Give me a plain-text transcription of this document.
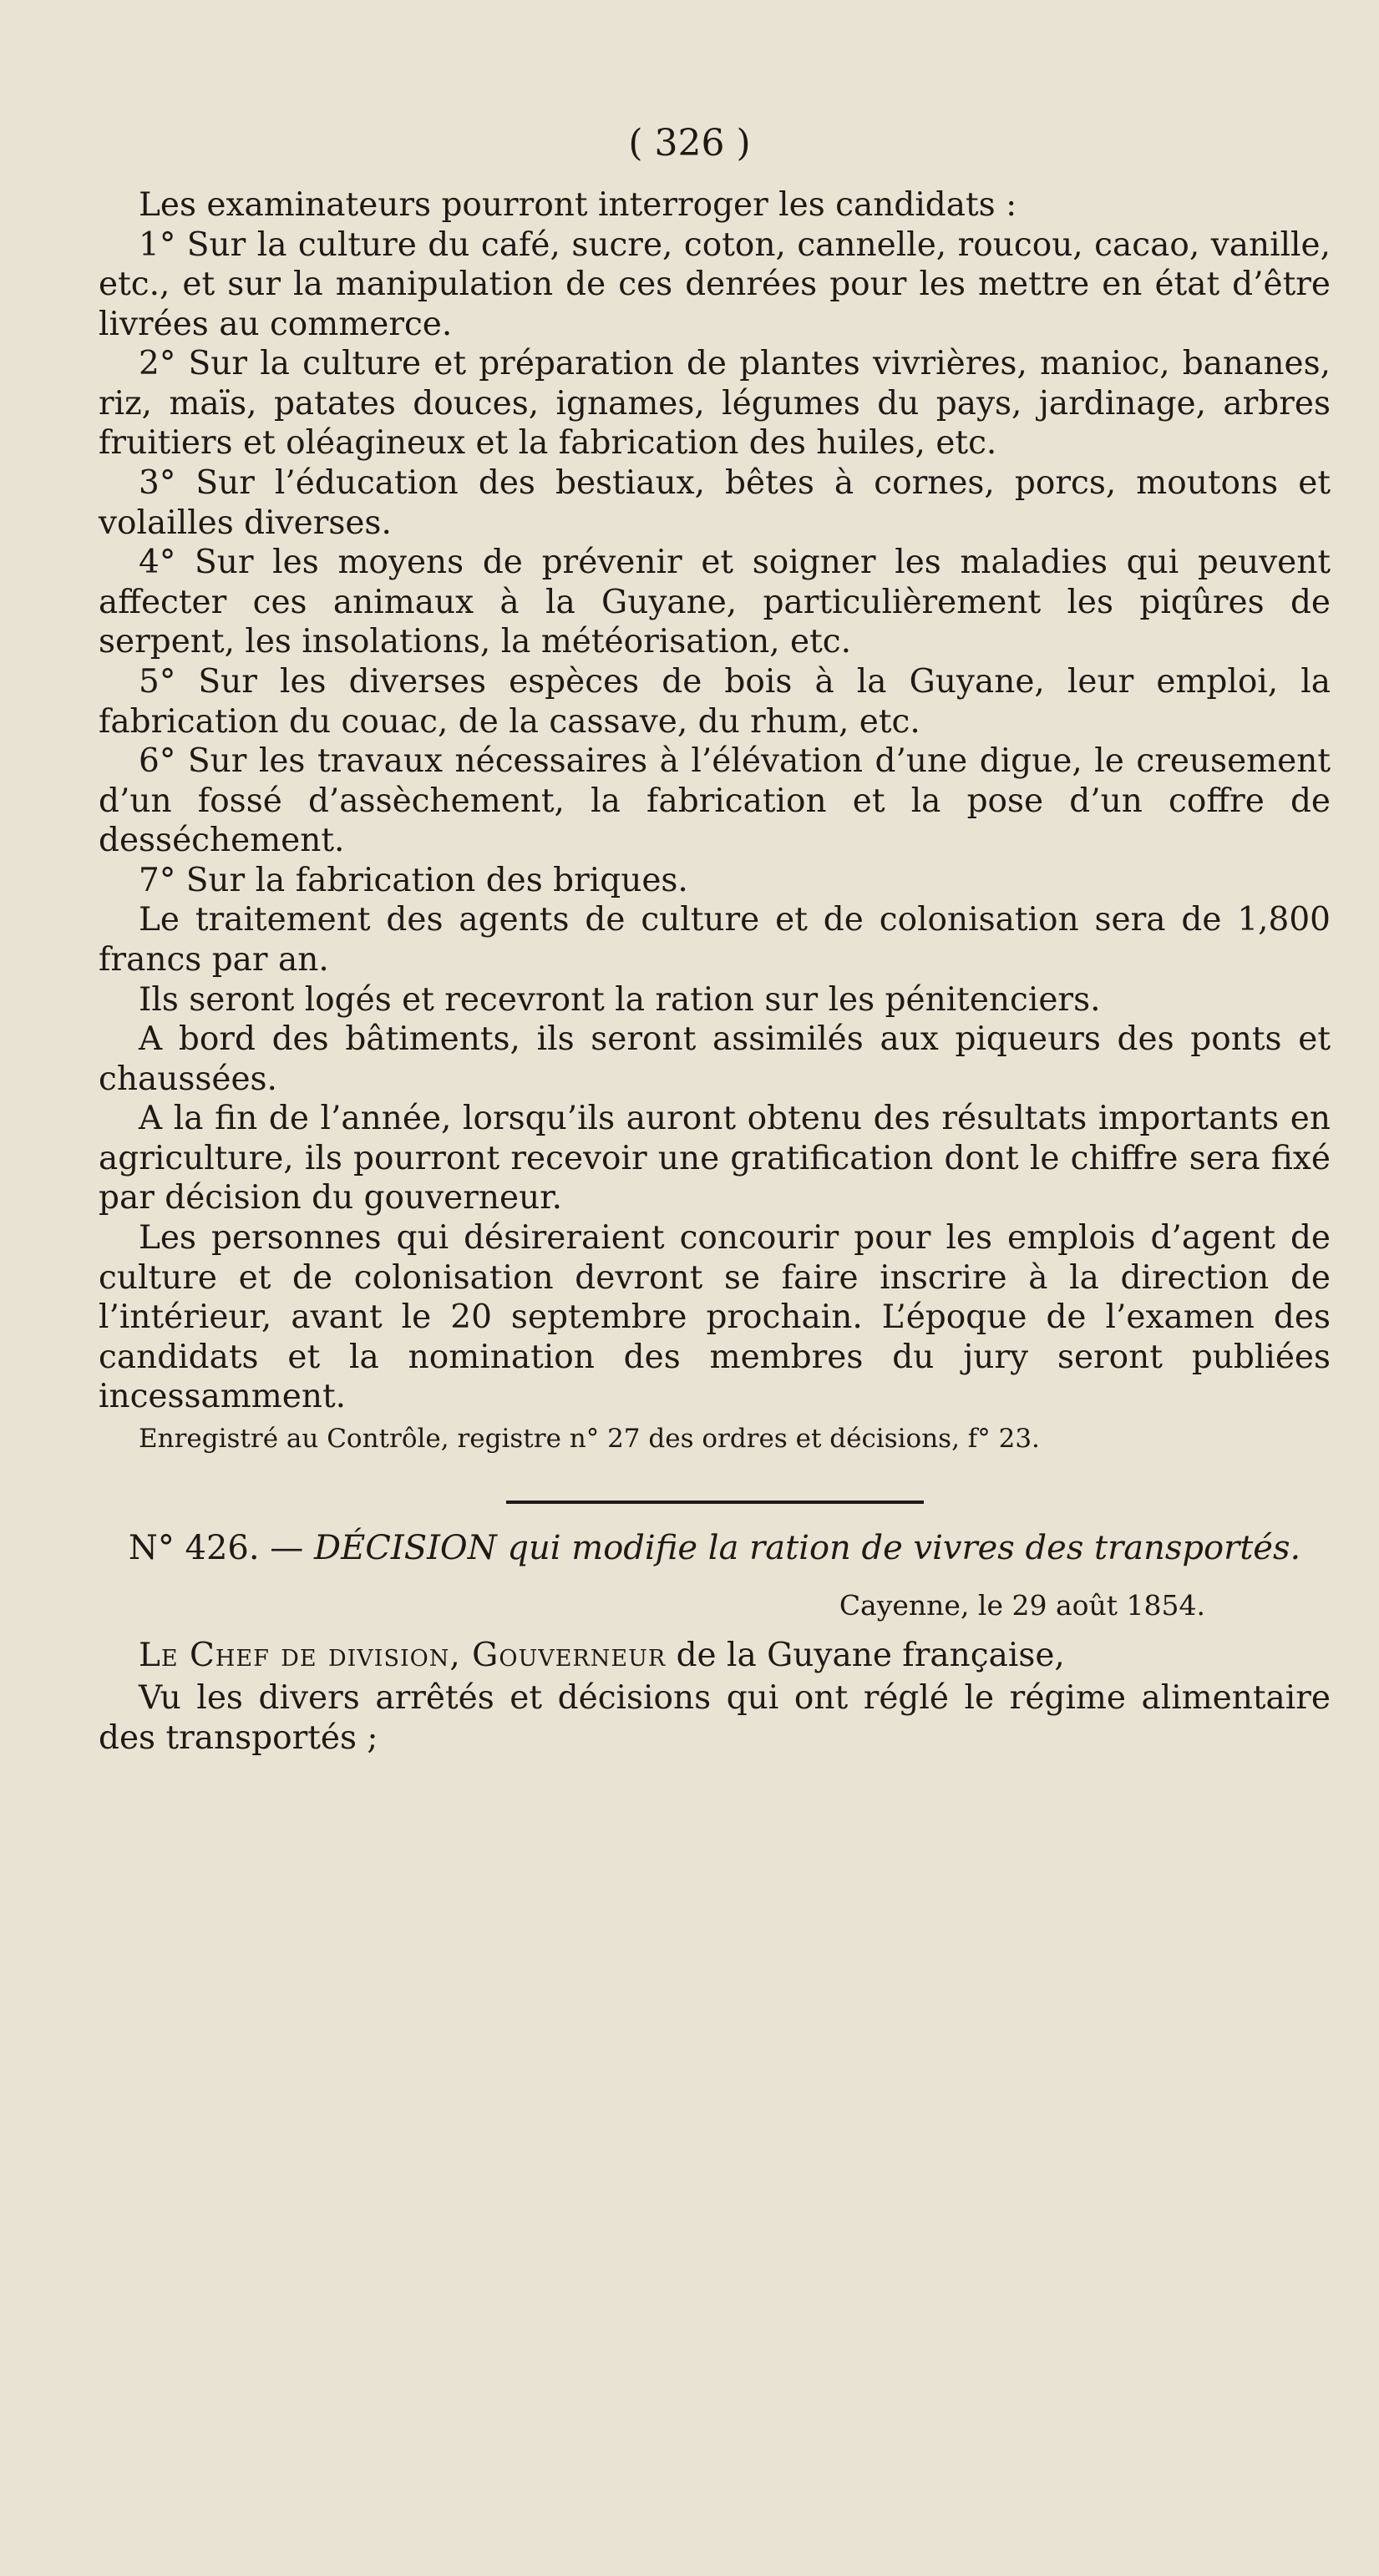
( 326 )

Les examinateurs pourront interroger les candidats :

1° Sur la culture du café, sucre, coton, cannelle, roucou, cacao, vanille, etc., et sur la manipulation de ces denrées pour les mettre en état d’être livrées au commerce.

2° Sur la culture et préparation de plantes vivrières, manioc, bananes, riz, maïs, patates douces, ignames, légumes du pays, jardinage, arbres fruitiers et oléagineux et la fabrication des huiles, etc.

3° Sur l’éducation des bestiaux, bêtes à cornes, porcs, moutons et volailles diverses.

4° Sur les moyens de prévenir et soigner les maladies qui peuvent affecter ces animaux à la Guyane, particulièrement les piqûres de serpent, les insolations, la météorisation, etc.

5° Sur les diverses espèces de bois à la Guyane, leur emploi, la fabrication du couac, de la cassave, du rhum, etc.

6° Sur les travaux nécessaires à l’élévation d’une digue, le creusement d’un fossé d’assèchement, la fabrication et la pose d’un coffre de desséchement.

7° Sur la fabrication des briques.

Le traitement des agents de culture et de colonisation sera de 1,800 francs par an.

Ils seront logés et recevront la ration sur les pénitenciers.

A bord des bâtiments, ils seront assimilés aux piqueurs des ponts et chaussées.

A la fin de l’année, lorsqu’ils auront obtenu des résultats importants en agriculture, ils pourront recevoir une gratification dont le chiffre sera fixé par décision du gouverneur.

Les personnes qui désireraient concourir pour les emplois d’agent de culture et de colonisation devront se faire inscrire à la direction de l’intérieur, avant le 20 septembre prochain. L’époque de l’examen des candidats et la nomination des membres du jury seront publiées incessamment.

Enregistré au Contrôle, registre n° 27 des ordres et décisions, f° 23.

N° 426. — DÉCISION qui modifie la ration de vivres des transportés.
Cayenne, le 29 août 1854.

Le Chef de division, Gouverneur de la Guyane française,

Vu les divers arrêtés et décisions qui ont réglé le régime alimentaire des transportés ;
